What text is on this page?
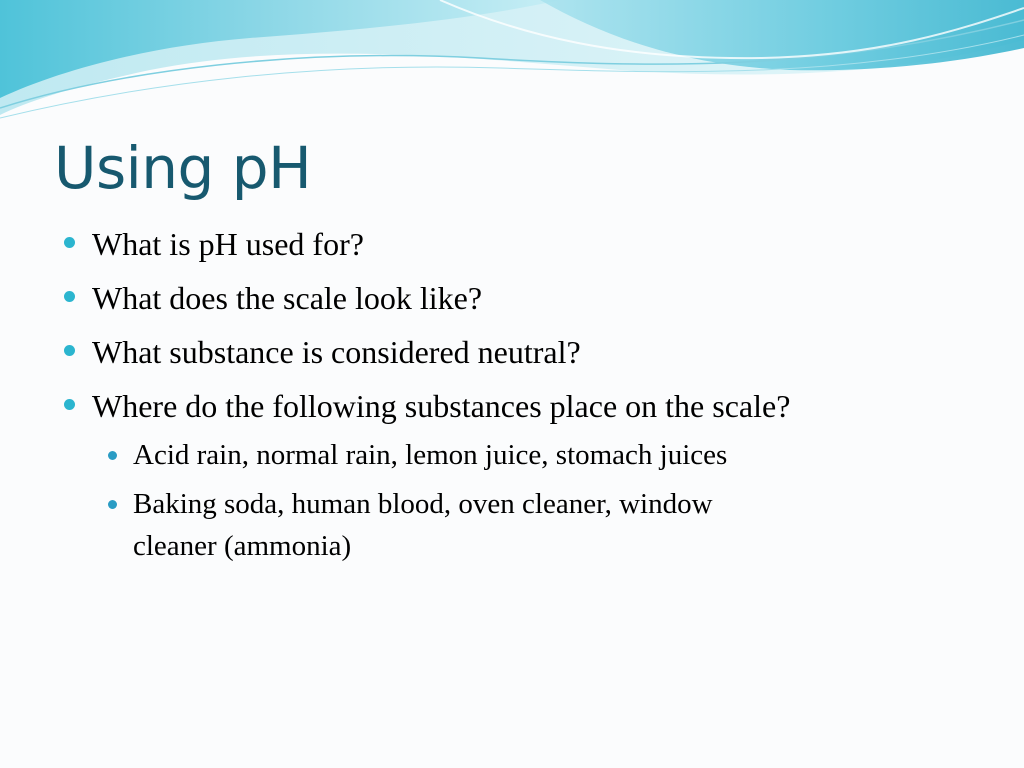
Using pH
What is pH used for?
What does the scale look like?
What substance is considered neutral?
Where do the following substances place on the scale?
Acid rain, normal rain, lemon juice, stomach juices
Baking soda, human blood, oven cleaner, window
cleaner (ammonia)
